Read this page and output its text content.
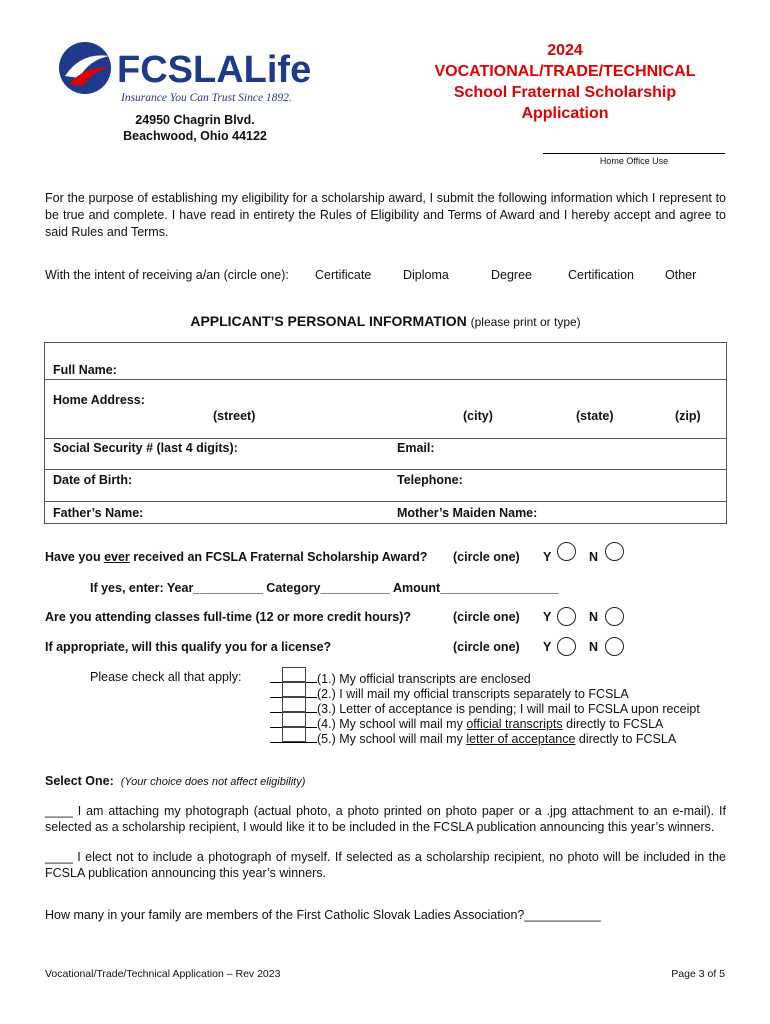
FCSLALife
Insurance You Can Trust Since 1892.
24950 Chagrin Blvd.
Beachwood, Ohio 44122
2024
VOCATIONAL/TRADE/TECHNICAL
School Fraternal Scholarship
Application
Home Office Use
For the purpose of establishing my eligibility for a scholarship award, I submit the following information which I represent to be true and complete. I have read in entirety the Rules of Eligibility and Terms of Award and I hereby accept and agree to said Rules and Terms.
With the intent of receiving a/an (circle one): Certificate	Diploma	Degree	Certification Other
APPLICANT’S PERSONAL INFORMATION (please print or type)
Full Name:
Home Address:
(street)	(city)	(state)	(zip)
Social Security # (last 4 digits):	Email:
Date of Birth:	Telephone:
Father’s Name:	Mother’s Maiden Name:
Have you ever received an FCSLA Fraternal Scholarship Award? (circle one) Y	N
If yes, enter: Year__________ Category__________ Amount_________________
Are you attending classes full-time (12 or more credit hours)?	(circle one) Y	N
If appropriate, will this qualify you for a license?	(circle one) Y	N
Please check all that apply:	(1.) My official transcripts are enclosed
(2.) I will mail my official transcripts separately to FCSLA
(3.) Letter of acceptance is pending; I will mail to FCSLA upon receipt
(4.) My school will mail my official transcripts directly to FCSLA
(5.) My school will mail my letter of acceptance directly to FCSLA
Select One: (Your choice does not affect eligibility)
____ I am attaching my photograph (actual photo, a photo printed on photo paper or a .jpg attachment to an e-mail). If selected as a scholarship recipient, I would like it to be included in the FCSLA publication announcing this year’s winners.
____ I elect not to include a photograph of myself. If selected as a scholarship recipient, no photo will be included in the FCSLA publication announcing this year’s winners.
How many in your family are members of the First Catholic Slovak Ladies Association?___________
Vocational/Trade/Technical Application – Rev 2023	Page 3 of 5
